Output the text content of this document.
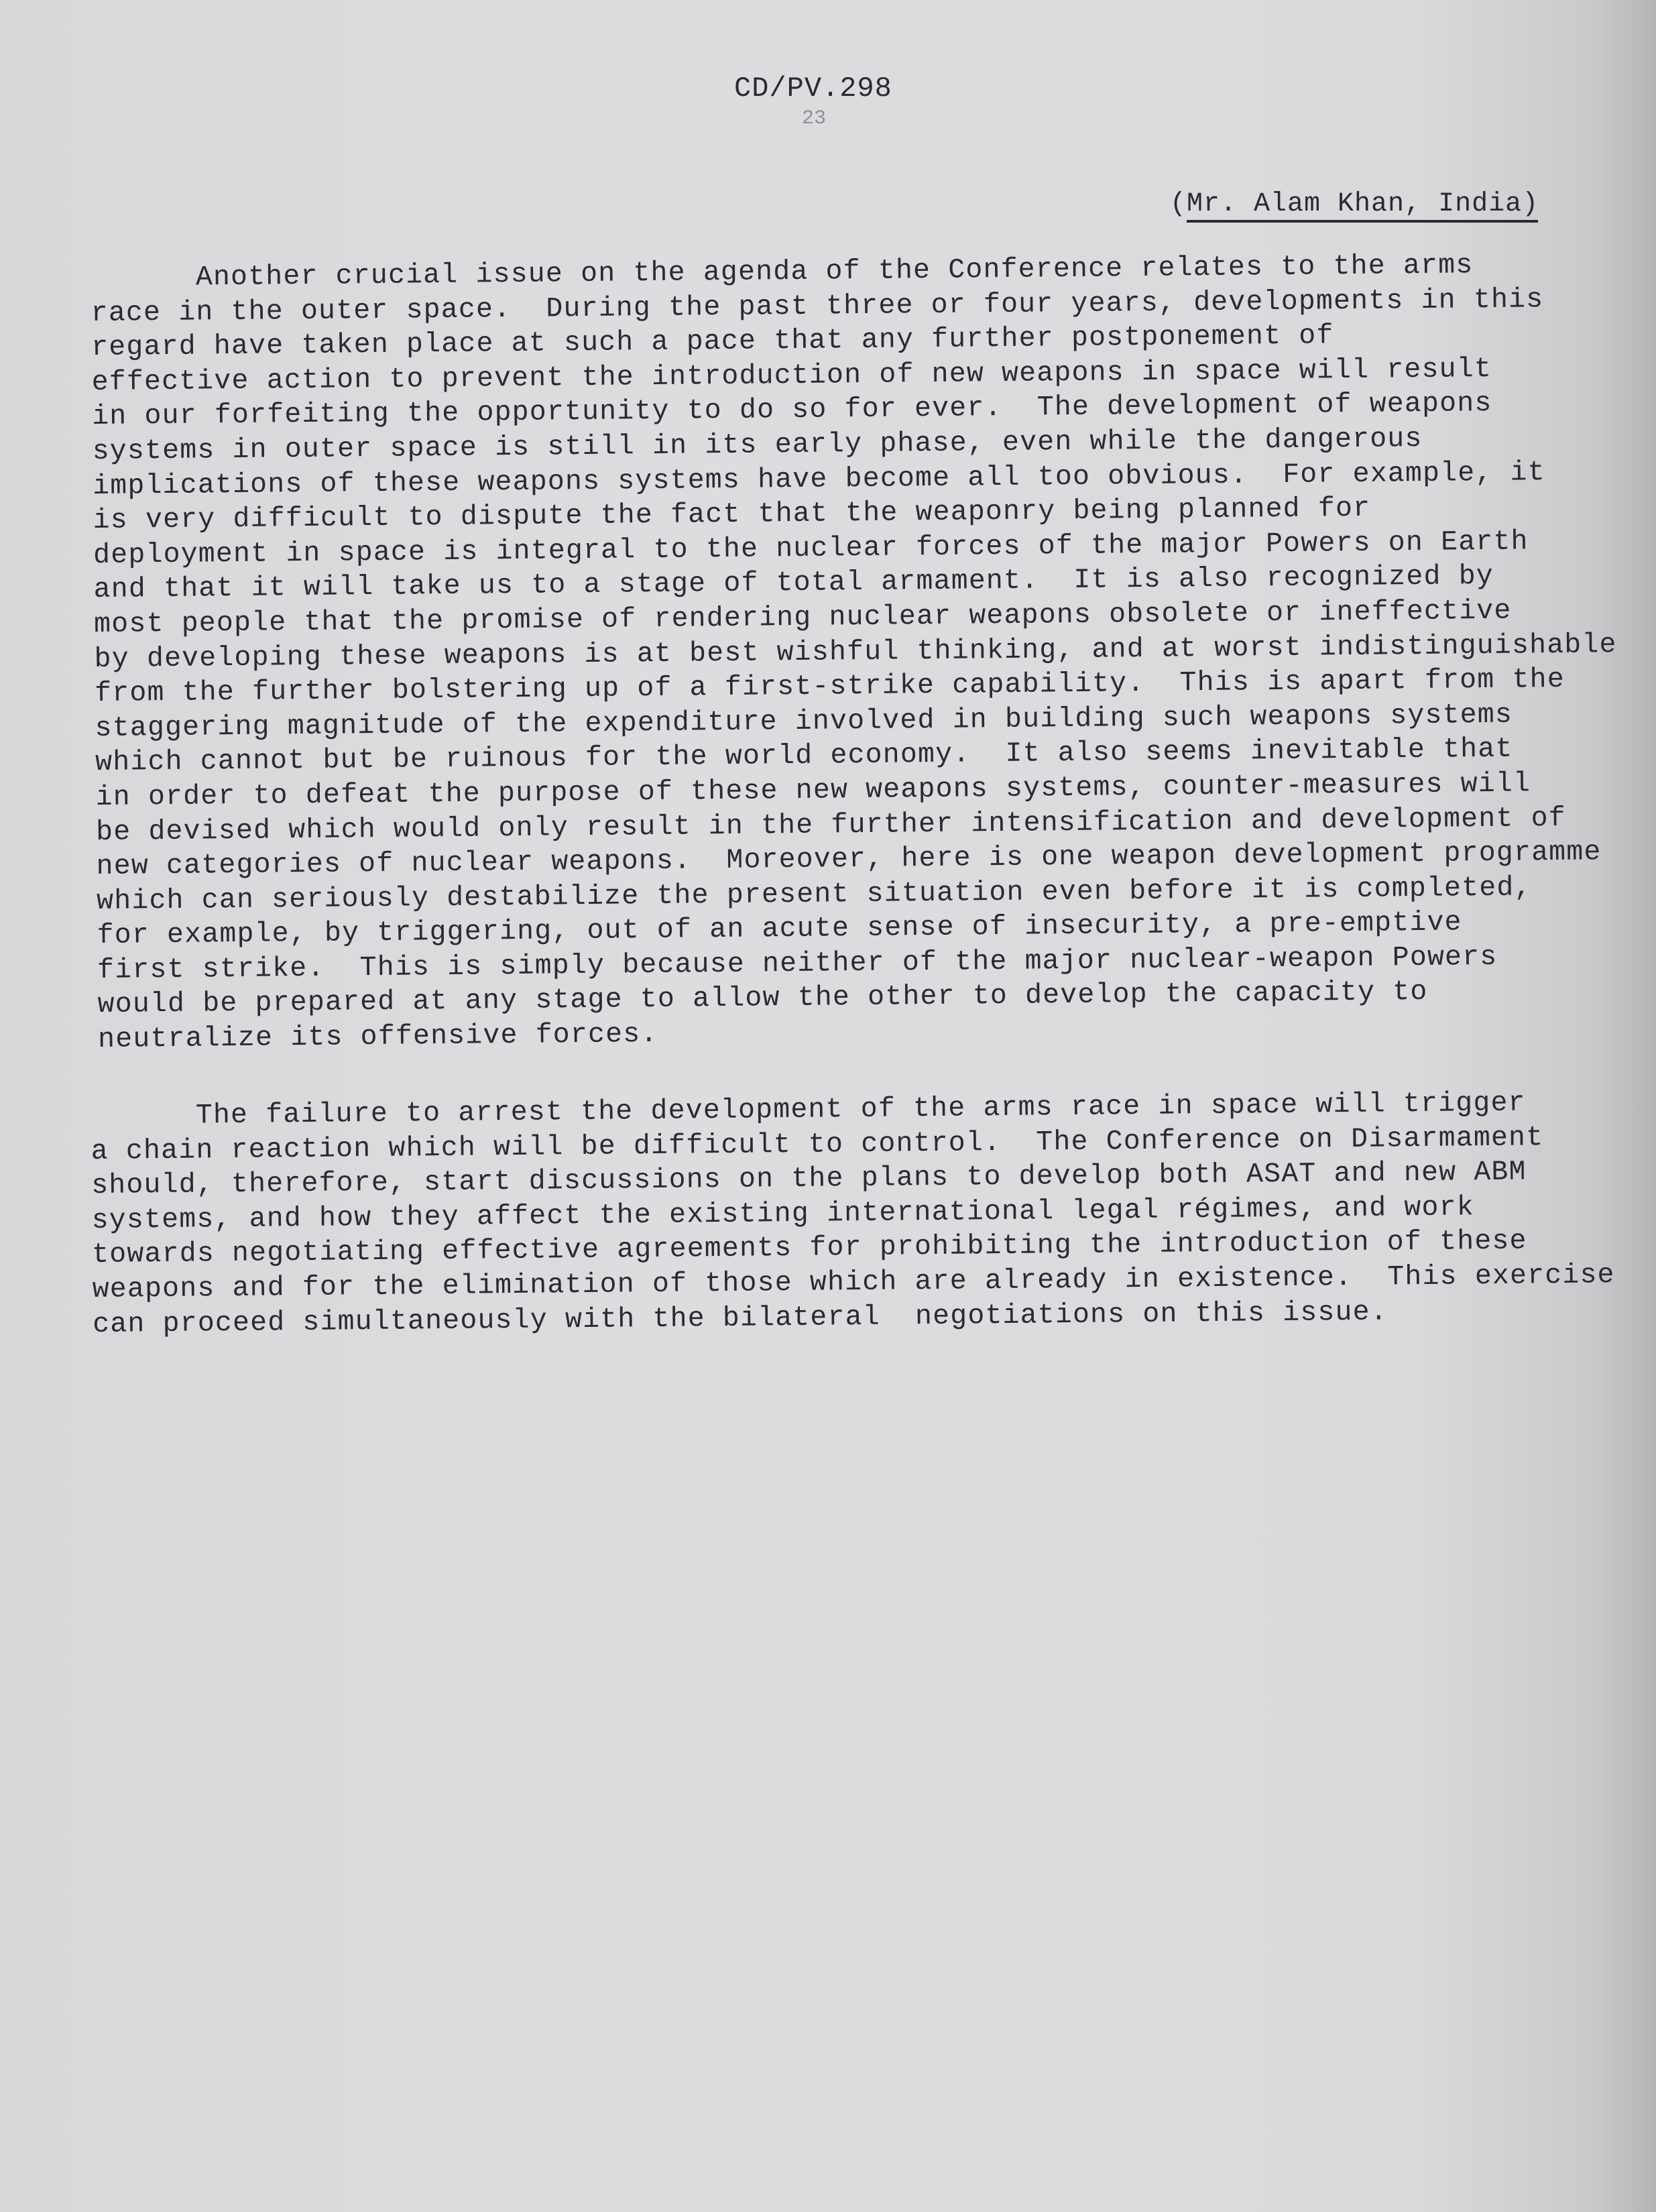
CD/PV.298
23
(Mr. Alam Khan, India)
Another crucial issue on the agenda of the Conference relates to the arms
race in the outer space.  During the past three or four years, developments in this
regard have taken place at such a pace that any further postponement of
effective action to prevent the introduction of new weapons in space will result
in our forfeiting the opportunity to do so for ever.  The development of weapons
systems in outer space is still in its early phase, even while the dangerous
implications of these weapons systems have become all too obvious.  For example, it
is very difficult to dispute the fact that the weaponry being planned for
deployment in space is integral to the nuclear forces of the major Powers on Earth
and that it will take us to a stage of total armament.  It is also recognized by
most people that the promise of rendering nuclear weapons obsolete or ineffective
by developing these weapons is at best wishful thinking, and at worst indistinguishable
from the further bolstering up of a first-strike capability.  This is apart from the
staggering magnitude of the expenditure involved in building such weapons systems
which cannot but be ruinous for the world economy.  It also seems inevitable that
in order to defeat the purpose of these new weapons systems, counter-measures will
be devised which would only result in the further intensification and development of
new categories of nuclear weapons.  Moreover, here is one weapon development programme
which can seriously destabilize the present situation even before it is completed,
for example, by triggering, out of an acute sense of insecurity, a pre-emptive
first strike.  This is simply because neither of the major nuclear-weapon Powers
would be prepared at any stage to allow the other to develop the capacity to
neutralize its offensive forces.
The failure to arrest the development of the arms race in space will trigger
a chain reaction which will be difficult to control.  The Conference on Disarmament
should, therefore, start discussions on the plans to develop both ASAT and new ABM
systems, and how they affect the existing international legal régimes, and work
towards negotiating effective agreements for prohibiting the introduction of these
weapons and for the elimination of those which are already in existence.  This exercise
can proceed simultaneously with the bilateral  negotiations on this issue.
